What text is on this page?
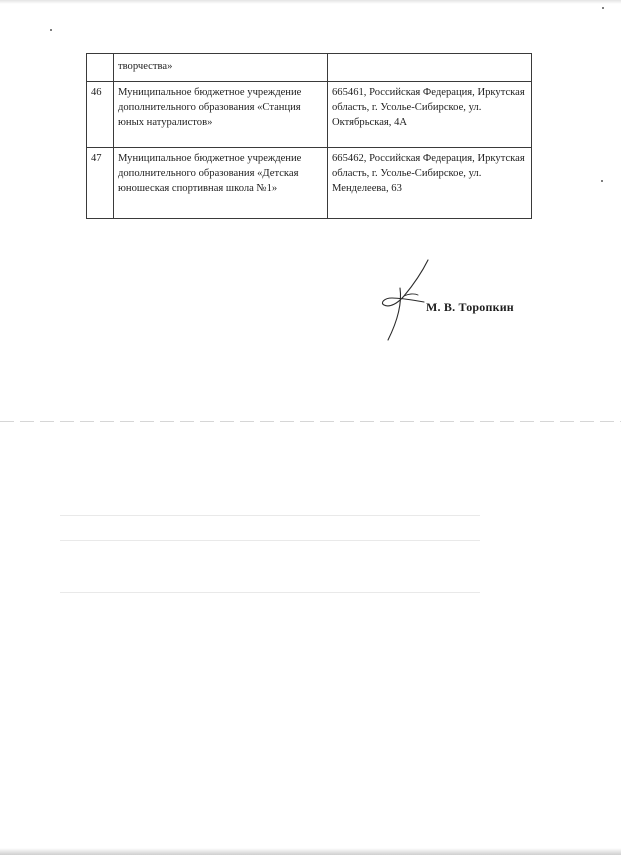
	творчества»	
46	Муниципальное бюджетное учреждение дополнительного образования «Станция юных натуралистов»	665461, Российская Федерация, Иркутская область, г. Усолье-Сибирское, ул. Октябрьская, 4А
47	Муниципальное бюджетное учреждение дополнительного образования «Детская юношеская спортивная школа №1»	665462, Российская Федерация, Иркутская область, г. Усолье-Сибирское, ул. Менделеева, 63
М. В. Торопкин
